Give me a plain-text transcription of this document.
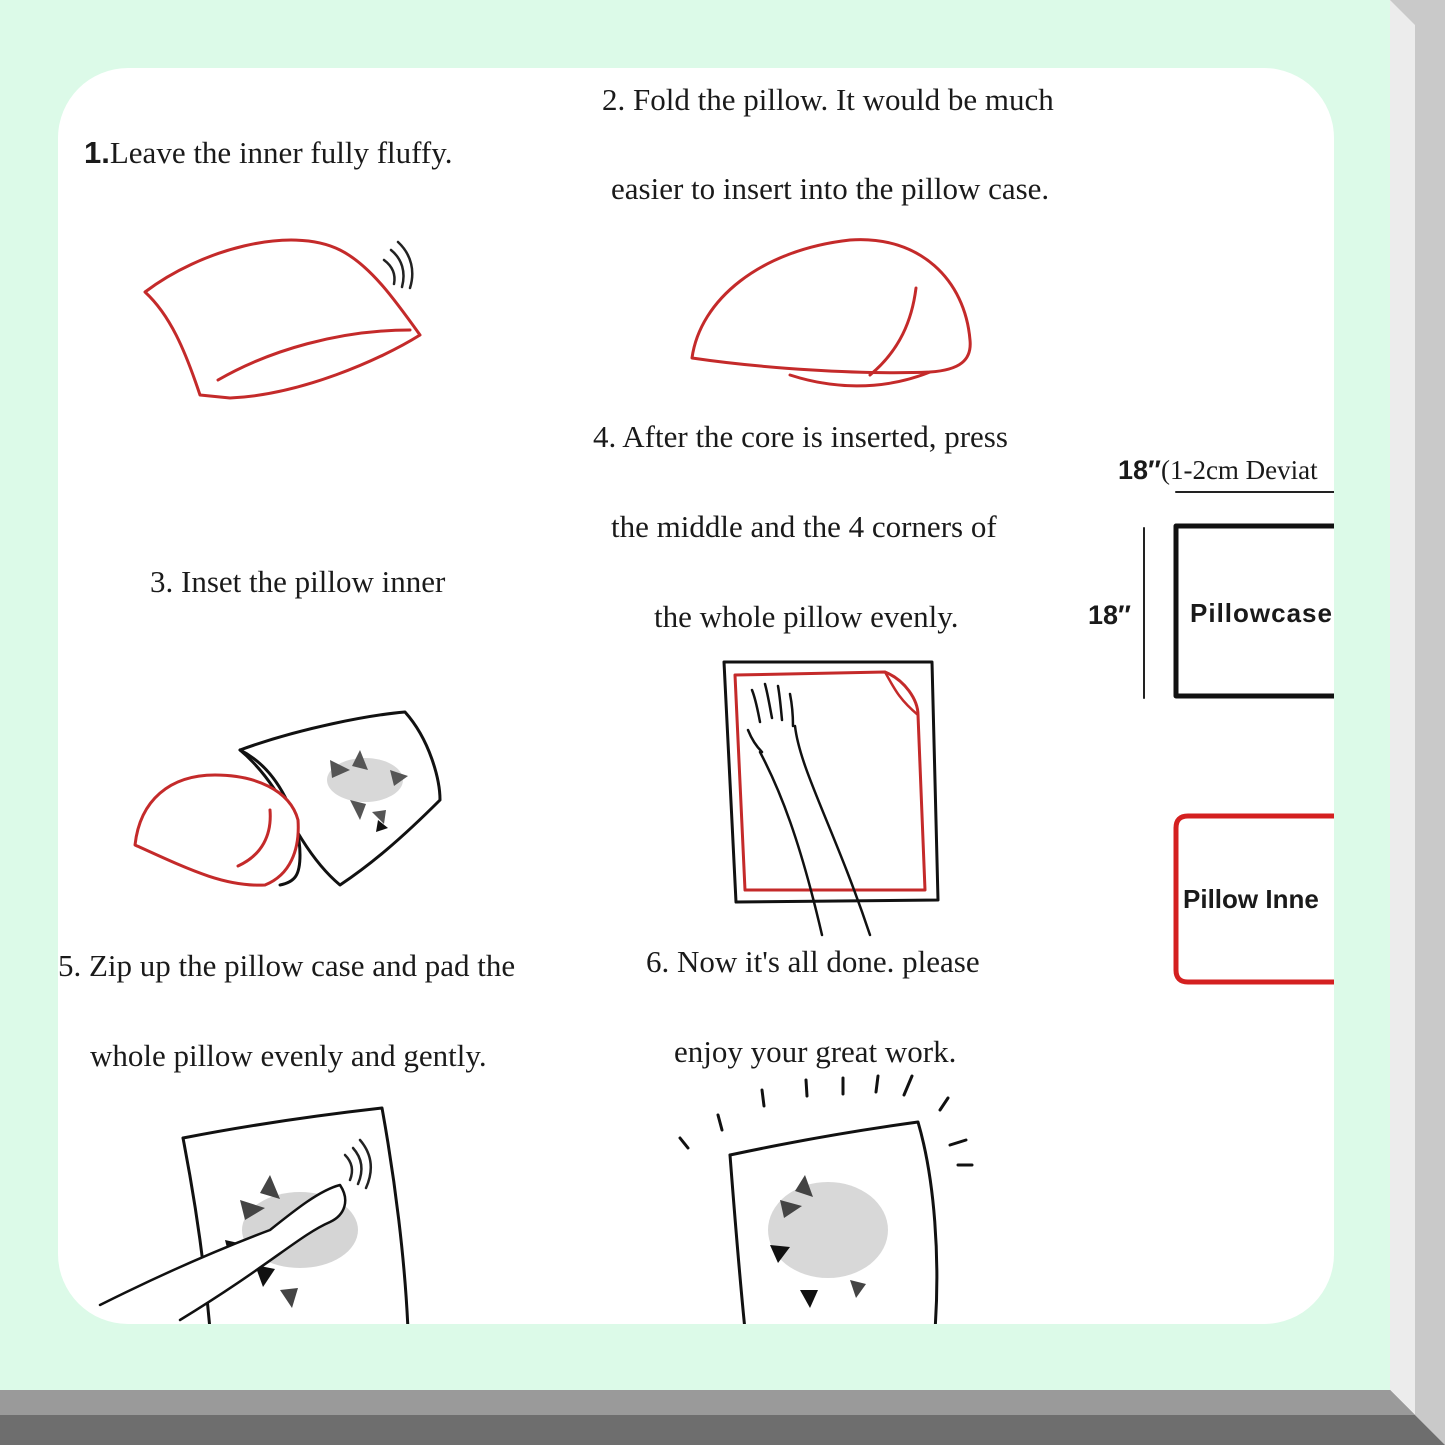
1.Leave the inner fully fluffy.
2. Fold the pillow. It would be much
easier to insert into the pillow case.
3. Inset the pillow inner
4. After the core is inserted, press
the middle and the 4 corners of
the whole pillow evenly.
5. Zip up the pillow case and pad the
whole pillow evenly and gently.
6. Now it's all done. please
enjoy your great work.
18″(1-2cm Deviat
18″ Pillowcase
Pillow Inne
